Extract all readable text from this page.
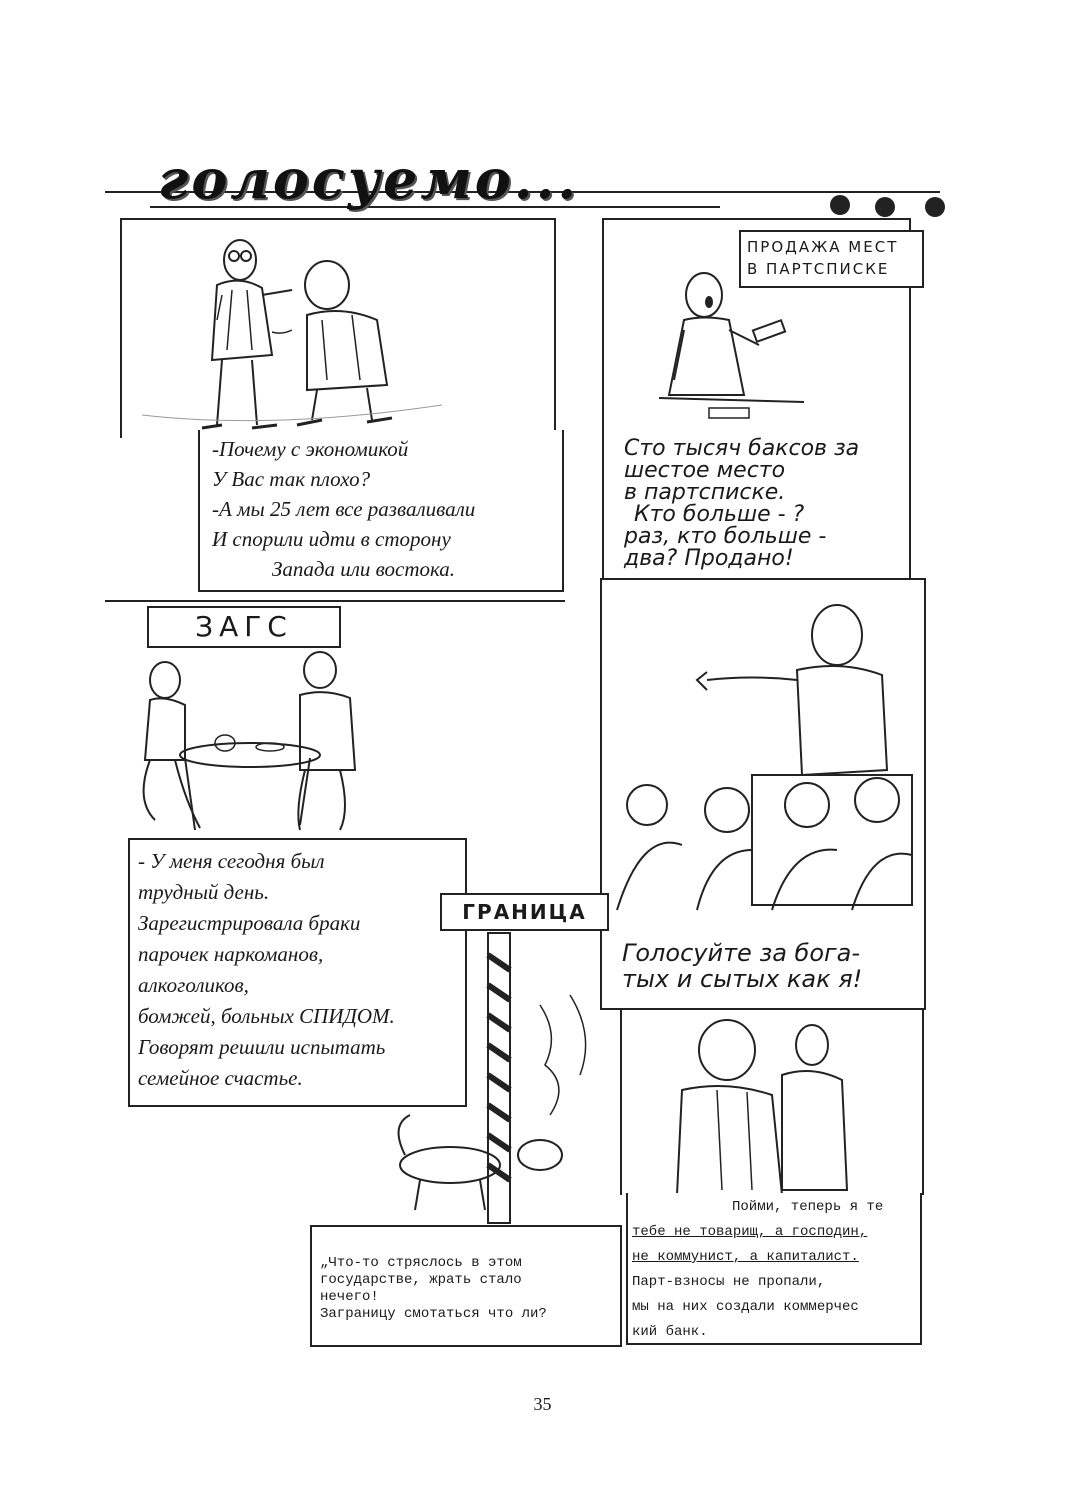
голосуемо...
-Почему с экономикой
У Вас так плохо?
-А мы 25 лет все разваливали
И спорили идти в сторону
Запада или востока.
ПРОДАЖА МЕСТ
В ПАРТСПИСКЕ
Сто тысяч баксов за
шестое место
в партсписке.
Кто больше - ?
раз, кто больше -
два? Продано!
ЗАГС
- У меня сегодня был
трудный день.
Зарегистрировала браки
парочек наркоманов,
алкоголиков,
бомжей, больных СПИДОМ.
Говорят решили испытать
семейное счастье.
Голосуйте за бога-
тых и сытых как я!
ГРАНИЦА
„Что-то стряслось в этом
государстве, жрать стало
нечего!
Заграницу смотаться что ли?
Пойми, теперь я те
тебе не товарищ, а господин,
не коммунист, а капиталист.
Парт-взносы не пропали,
мы на них создали коммерчес
кий банк.
35
